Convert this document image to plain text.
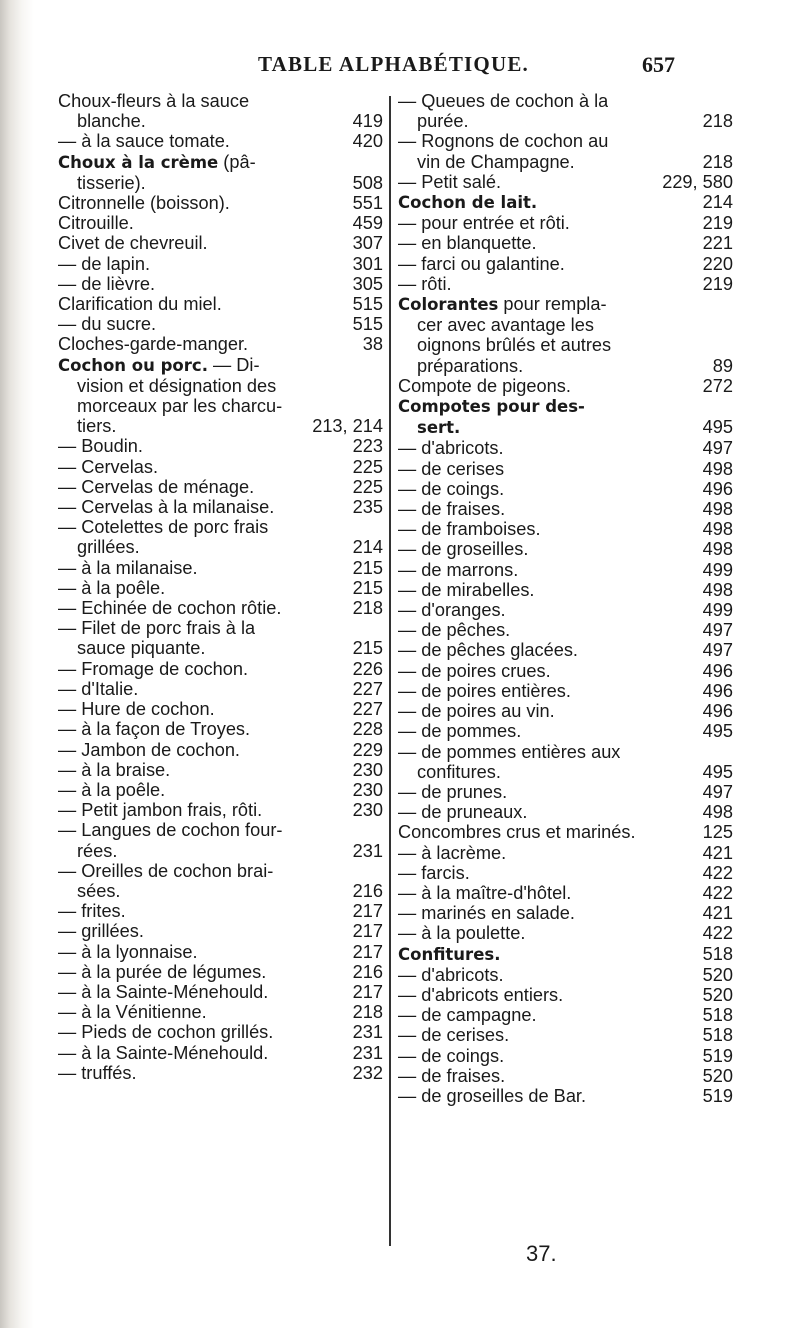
TABLE ALPHABÉTIQUE.	657
Choux-fleurs à la sauce
blanche.	419
— à la sauce tomate.	420
Choux à la crème (pâ-
tisserie).	508
Citronnelle (boisson).	551
Citrouille.	459
Civet de chevreuil.	307
— de lapin.	301
— de lièvre.	305
Clarification du miel.	515
— du sucre.	515
Cloches-garde-manger.	38
Cochon ou porc. — Di-
vision et désignation des
morceaux par les charcu-
tiers.	213, 214
— Boudin.	223
— Cervelas.	225
— Cervelas de ménage.	225
— Cervelas à la milanaise.	235
— Cotelettes de porc frais
grillées.	214
— à la milanaise.	215
— à la poêle.	215
— Echinée de cochon rôtie.	218
— Filet de porc frais à la
sauce piquante.	215
— Fromage de cochon.	226
— d'Italie.	227
— Hure de cochon.	227
— à la façon de Troyes.	228
— Jambon de cochon.	229
— à la braise.	230
— à la poêle.	230
— Petit jambon frais, rôti.	230
— Langues de cochon four-
rées.	231
— Oreilles de cochon brai-
sées.	216
— frites.	217
— grillées.	217
— à la lyonnaise.	217
— à la purée de légumes.	216
— à la Sainte-Ménehould.	217
— à la Vénitienne.	218
— Pieds de cochon grillés.	231
— à la Sainte-Ménehould.	231
— truffés.	232
— Queues de cochon à la
purée.	218
— Rognons de cochon au
vin de Champagne.	218
— Petit salé.	229, 580
Cochon de lait.	214
— pour entrée et rôti.	219
— en blanquette.	221
— farci ou galantine.	220
— rôti.	219
Colorantes pour rempla-
cer avec avantage les
oignons brûlés et autres
préparations.	89
Compote de pigeons.	272
Compotes pour des-
sert.	495
— d'abricots.	497
— de cerises	498
— de coings.	496
— de fraises.	498
— de framboises.	498
— de groseilles.	498
— de marrons.	499
— de mirabelles.	498
— d'oranges.	499
— de pêches.	497
— de pêches glacées.	497
— de poires crues.	496
— de poires entières.	496
— de poires au vin.	496
— de pommes.	495
— de pommes entières aux
confitures.	495
— de prunes.	497
— de pruneaux.	498
Concombres crus et marinés.	125
— à lacrème.	421
— farcis.	422
— à la maître-d'hôtel.	422
— marinés en salade.	421
— à la poulette.	422
Confitures.	518
— d'abricots.	520
— d'abricots entiers.	520
— de campagne.	518
— de cerises.	518
— de coings.	519
— de fraises.	520
— de groseilles de Bar.	519
37.
